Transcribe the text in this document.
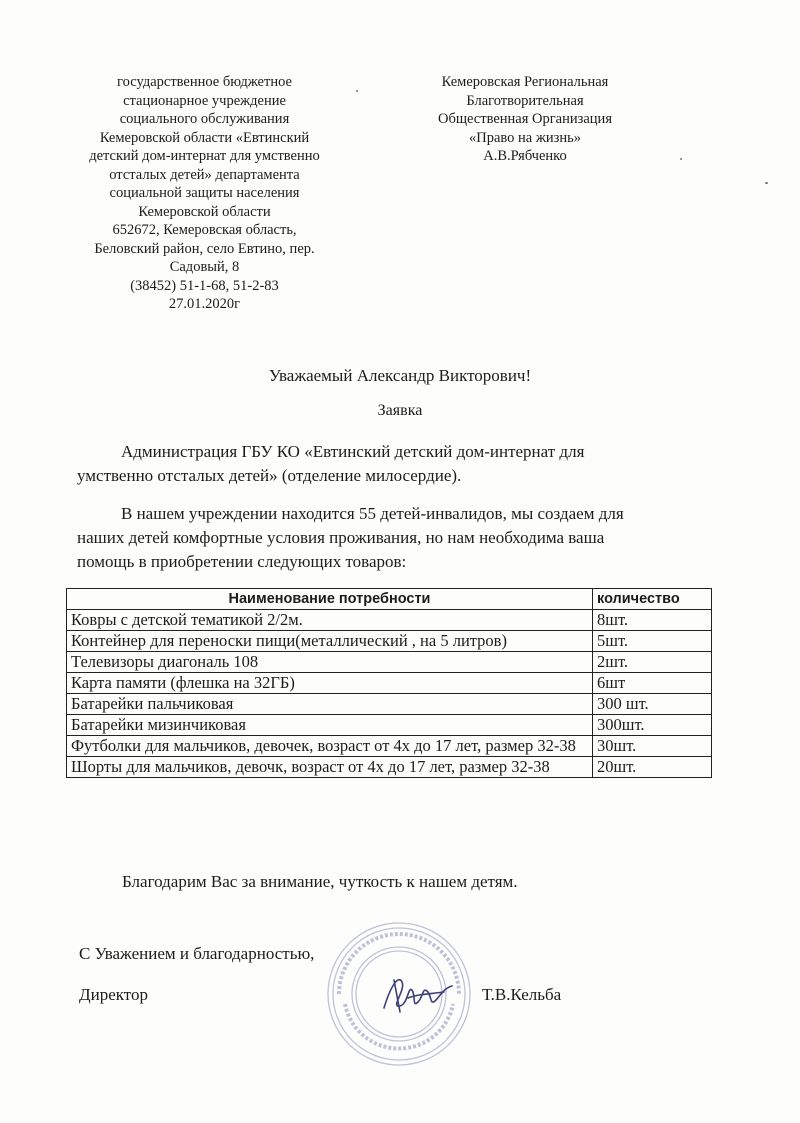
государственное бюджетное
стационарное учреждение
социального обслуживания
Кемеровской области «Евтинский
детский дом-интернат для умственно
отсталых детей» департамента
социальной защиты населения
Кемеровской области
652672, Кемеровская область,
Беловский район, село Евтино, пер.
Садовый, 8
(38452) 51-1-68, 51-2-83
27.01.2020г
Кемеровская Региональная
Благотворительная
Общественная Организация
«Право на жизнь»
А.В.Рябченко
Уважаемый Александр Викторович!
Заявка
Администрация ГБУ КО «Евтинский детский дом-интернат для
умственно отсталых детей» (отделение милосердие).
В нашем учреждении находится 55 детей-инвалидов, мы создаем для
наших детей комфортные условия проживания, но нам необходима ваша
помощь в приобретении следующих товаров:
Наименование потребности	количество
Ковры с детской тематикой 2/2м.	8шт.
Контейнер для переноски пищи(металлический , на 5 литров)	5шт.
Телевизоры диагональ 108	2шт.
Карта памяти (флешка на 32ГБ)	6шт
Батарейки пальчиковая	300 шт.
Батарейки мизинчиковая	300шт.
Футболки для мальчиков, девочек, возраст от 4х до 17 лет, размер 32-38	30шт.
Шорты для мальчиков, девочк, возраст от 4х до 17 лет, размер 32-38	20шт.
Благодарим Вас за внимание, чуткость к нашем детям.
С Уважением и благодарностью,
Директор	Т.В.Кельба
